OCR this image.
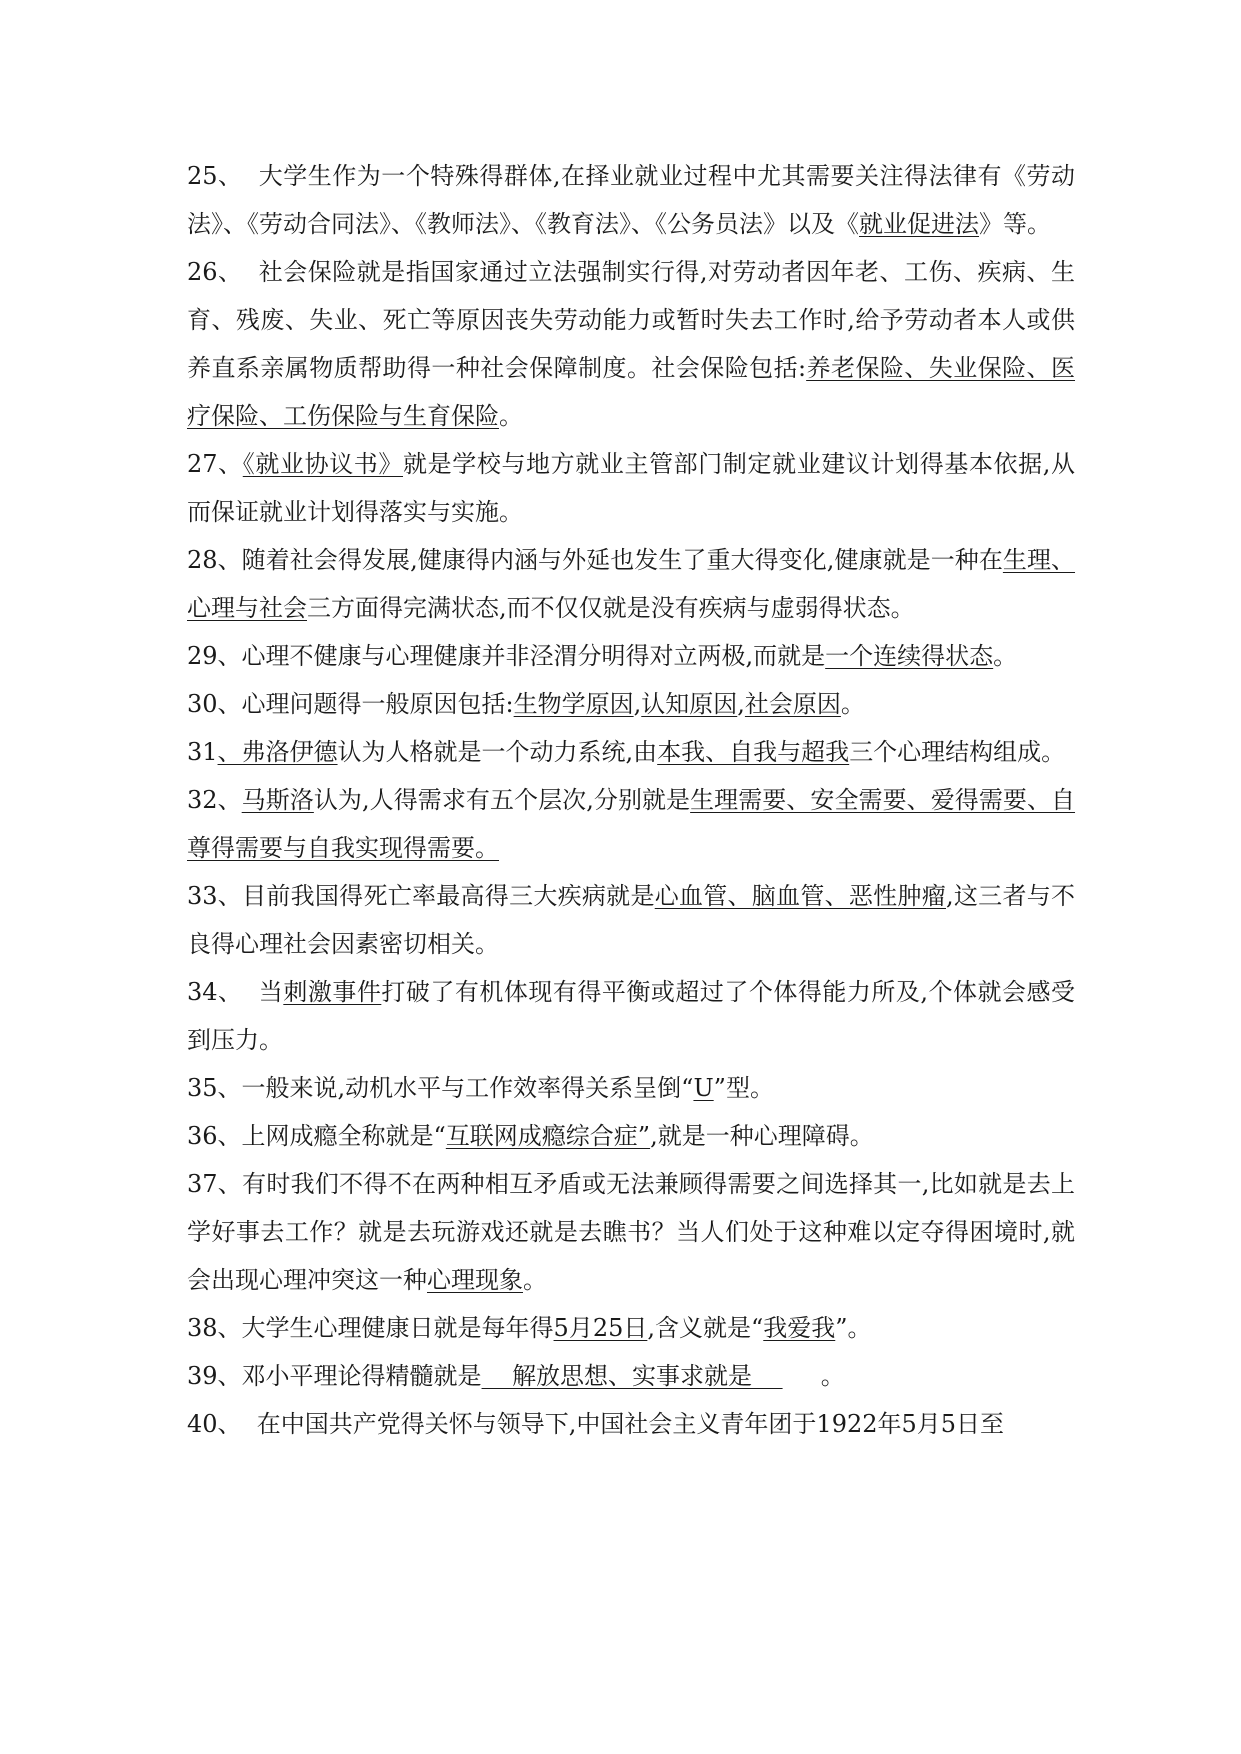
25、  大学生作为一个特殊得群体,在择业就业过程中尤其需要关注得法律有《劳动法》、《劳动合同法》、《教师法》、《教育法》、《公务员法》以及《就业促进法》等。

26、  社会保险就是指国家通过立法强制实行得,对劳动者因年老、工伤、疾病、生育、残废、失业、死亡等原因丧失劳动能力或暂时失去工作时,给予劳动者本人或供养直系亲属物质帮助得一种社会保障制度。社会保险包括:养老保险、失业保险、医疗保险、工伤保险与生育保险。

27、《就业协议书》就是学校与地方就业主管部门制定就业建议计划得基本依据,从而保证就业计划得落实与实施。

28、随着社会得发展,健康得内涵与外延也发生了重大得变化,健康就是一种在生理、心理与社会三方面得完满状态,而不仅仅就是没有疾病与虚弱得状态。

29、心理不健康与心理健康并非泾渭分明得对立两极,而就是一个连续得状态。

30、心理问题得一般原因包括:生物学原因,认知原因,社会原因。

31、弗洛伊德认为人格就是一个动力系统,由本我、自我与超我三个心理结构组成。

32、马斯洛认为,人得需求有五个层次,分别就是生理需要、安全需要、爱得需要、自尊得需要与自我实现得需要。

33、目前我国得死亡率最高得三大疾病就是心血管、脑血管、恶性肿瘤,这三者与不良得心理社会因素密切相关。

34、  当刺激事件打破了有机体现有得平衡或超过了个体得能力所及,个体就会感受到压力。

35、一般来说,动机水平与工作效率得关系呈倒“U”型。

36、上网成瘾全称就是“互联网成瘾综合症”,就是一种心理障碍。

37、有时我们不得不在两种相互矛盾或无法兼顾得需要之间选择其一,比如就是去上学好事去工作？就是去玩游戏还就是去瞧书？当人们处于这种难以定夺得困境时,就会出现心理冲突这一种心理现象。

38、大学生心理健康日就是每年得5月25日,含义就是“我爱我”。

39、邓小平理论得精髓就是    解放思想、实事求就是         。

40、  在中国共产党得关怀与领导下,中国社会主义青年团于1922年5月5日至
